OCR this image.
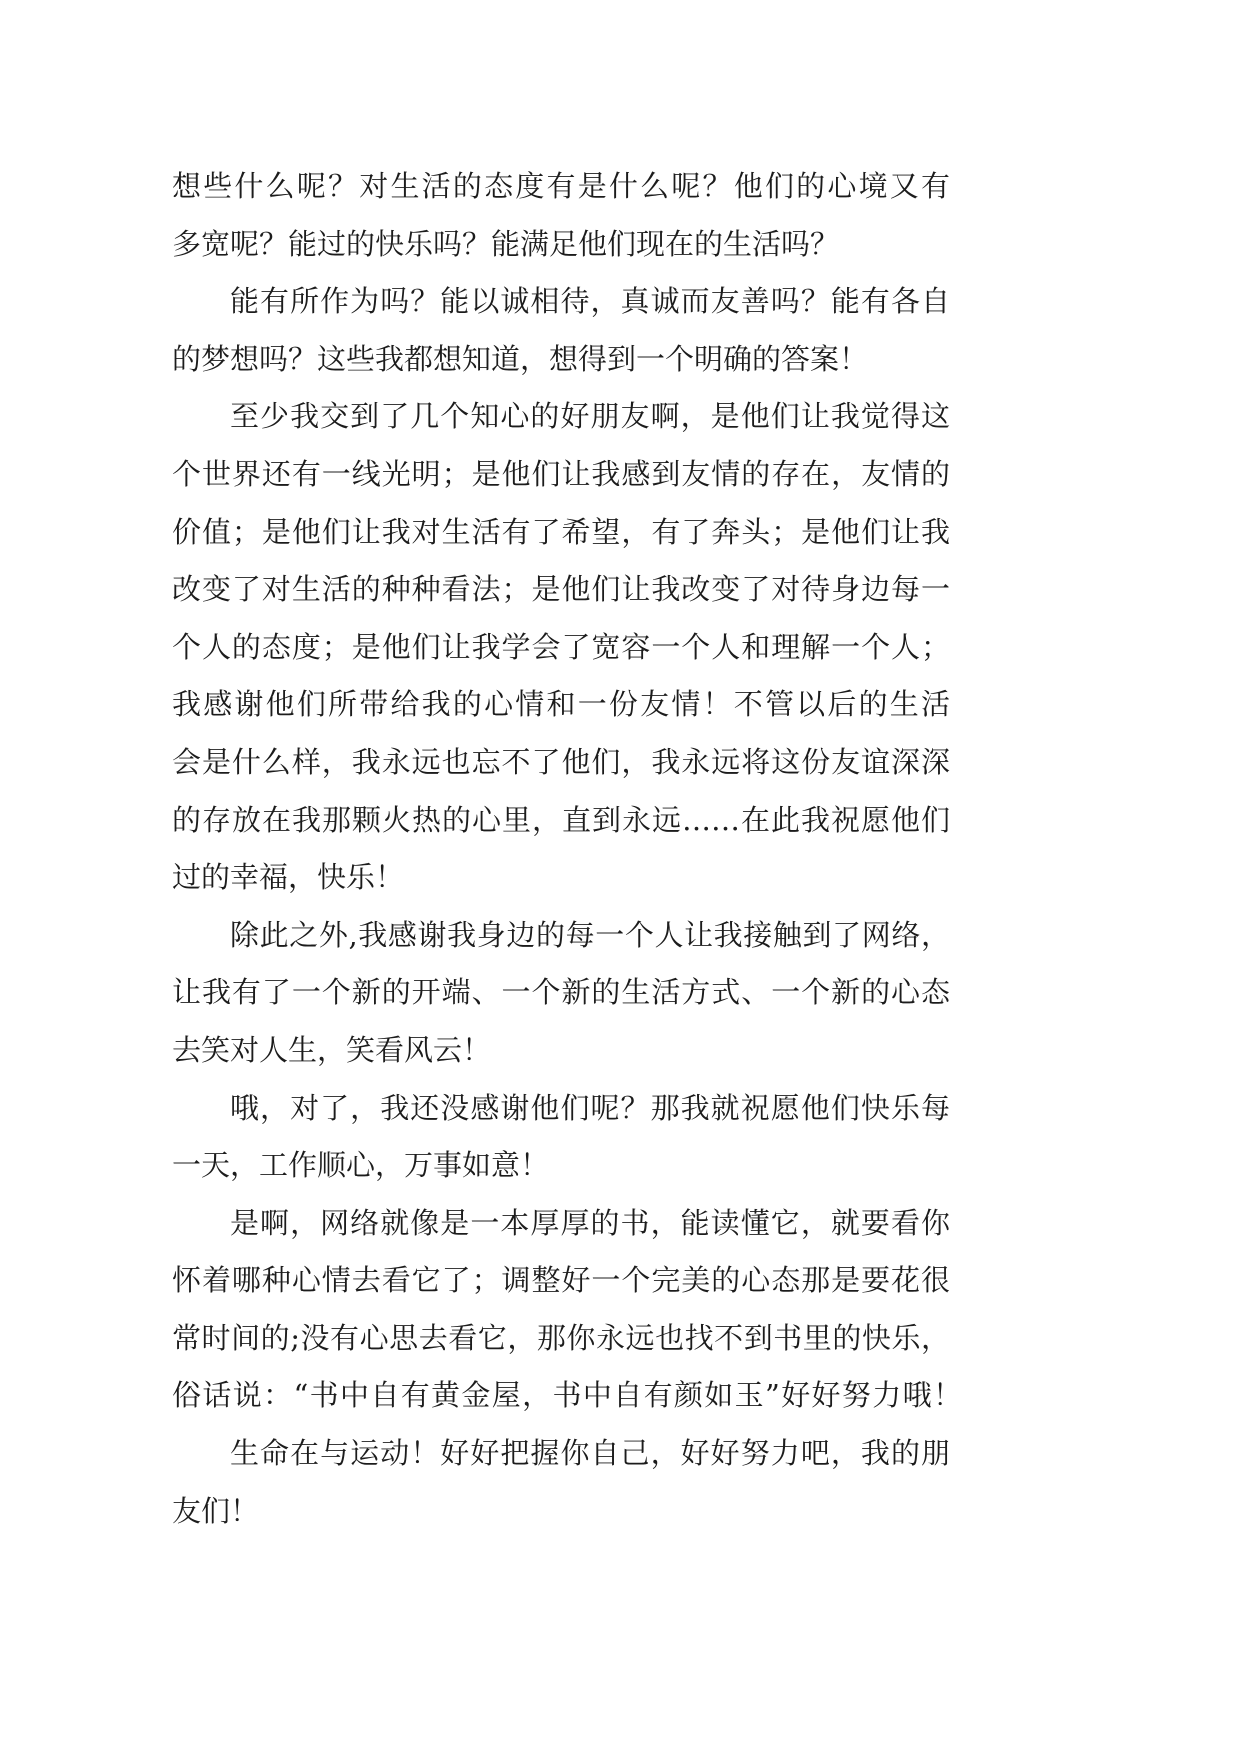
想些什么呢？对生活的态度有是什么呢？他们的心境又有
多宽呢？能过的快乐吗？能满足他们现在的生活吗？
能有所作为吗？能以诚相待，真诚而友善吗？能有各自
的梦想吗？这些我都想知道，想得到一个明确的答案！
至少我交到了几个知心的好朋友啊，是他们让我觉得这
个世界还有一线光明；是他们让我感到友情的存在，友情的
价值；是他们让我对生活有了希望，有了奔头；是他们让我
改变了对生活的种种看法；是他们让我改变了对待身边每一
个人的态度；是他们让我学会了宽容一个人和理解一个人；
我感谢他们所带给我的心情和一份友情！不管以后的生活
会是什么样，我永远也忘不了他们，我永远将这份友谊深深
的存放在我那颗火热的心里，直到永远……在此我祝愿他们
过的幸福，快乐！
除此之外,我感谢我身边的每一个人让我接触到了网络，
让我有了一个新的开端、一个新的生活方式、一个新的心态
去笑对人生，笑看风云！
哦，对了，我还没感谢他们呢？那我就祝愿他们快乐每
一天，工作顺心，万事如意！
是啊，网络就像是一本厚厚的书，能读懂它，就要看你
怀着哪种心情去看它了；调整好一个完美的心态那是要花很
常时间的;没有心思去看它，那你永远也找不到书里的快乐，
俗话说：“书中自有黄金屋，书中自有颜如玉”好好努力哦！
生命在与运动！好好把握你自己，好好努力吧，我的朋
友们！
